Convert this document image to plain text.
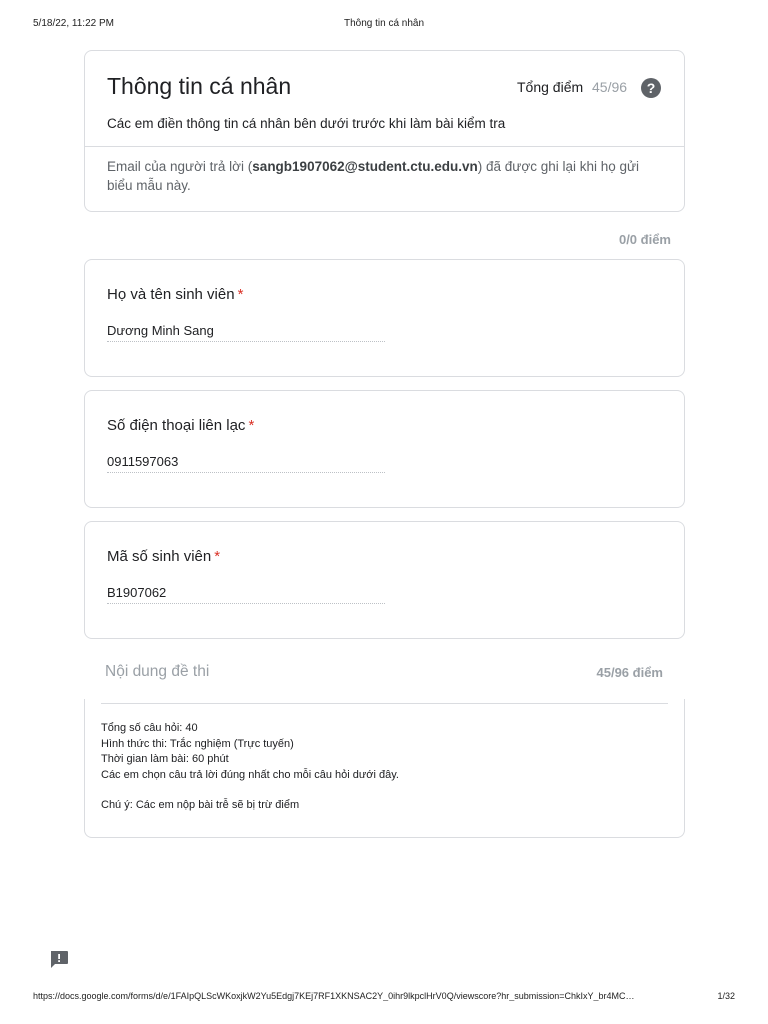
5/18/22, 11:22 PM	Thông tin cá nhân
Thông tin cá nhân	Tổng điểm 45/96	?
Các em điền thông tin cá nhân bên dưới trước khi làm bài kiểm tra
Email của người trả lời (sangb1907062@student.ctu.edu.vn) đã được ghi lại khi họ gửi biểu mẫu này.
0/0 điểm
Họ và tên sinh viên *
Dương Minh Sang
Số điện thoại liên lạc *
0911597063
Mã số sinh viên *
B1907062
Nội dung đề thi	45/96 điểm
Tổng số câu hỏi: 40
Hình thức thi: Trắc nghiệm (Trực tuyến)
Thời gian làm bài: 60 phút
Các em chọn câu trả lời đúng nhất cho mỗi câu hỏi dưới đây.
Chú ý: Các em nộp bài trễ sẽ bị trừ điểm
https://docs.google.com/forms/d/e/1FAIpQLScWKoxjkW2Yu5Edgj7KEj7RF1XKNSAC2Y_0ihr9lkpclHrV0Q/viewscore?hr_submission=ChkIxY_br4MC…	1/32
